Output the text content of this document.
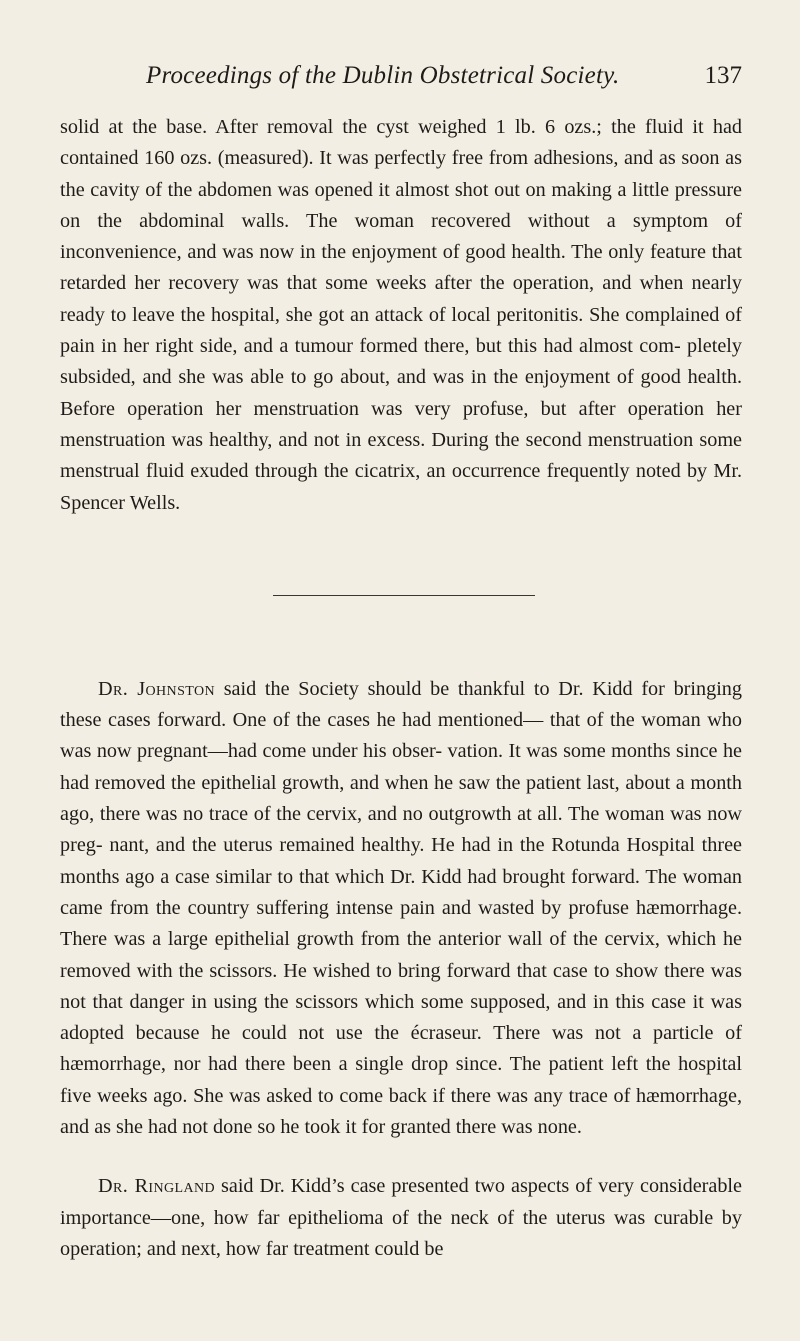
Proceedings of the Dublin Obstetrical Society.	137

solid at the base. After removal the cyst weighed 1 lb. 6 ozs.; the fluid it had contained 160 ozs. (measured). It was perfectly free from adhesions, and as soon as the cavity of the abdomen was opened it almost shot out on making a little pressure on the abdominal walls. The woman recovered without a symptom of inconvenience, and was now in the enjoyment of good health. The only feature that retarded her recovery was that some weeks after the operation, and when nearly ready to leave the hospital, she got an attack of local peritonitis. She complained of pain in her right side, and a tumour formed there, but this had almost com- pletely subsided, and she was able to go about, and was in the enjoyment of good health. Before operation her menstruation was very profuse, but after operation her menstruation was healthy, and not in excess. During the second menstruation some menstrual fluid exuded through the cicatrix, an occurrence frequently noted by Mr. Spencer Wells.

Dr. Johnston said the Society should be thankful to Dr. Kidd for bringing these cases forward. One of the cases he had mentioned— that of the woman who was now pregnant—had come under his obser- vation. It was some months since he had removed the epithelial growth, and when he saw the patient last, about a month ago, there was no trace of the cervix, and no outgrowth at all. The woman was now preg- nant, and the uterus remained healthy. He had in the Rotunda Hospital three months ago a case similar to that which Dr. Kidd had brought forward. The woman came from the country suffering intense pain and wasted by profuse hæmorrhage. There was a large epithelial growth from the anterior wall of the cervix, which he removed with the scissors. He wished to bring forward that case to show there was not that danger in using the scissors which some supposed, and in this case it was adopted because he could not use the écraseur. There was not a particle of hæmorrhage, nor had there been a single drop since. The patient left the hospital five weeks ago. She was asked to come back if there was any trace of hæmorrhage, and as she had not done so he took it for granted there was none.

Dr. Ringland said Dr. Kidd’s case presented two aspects of very considerable importance—one, how far epithelioma of the neck of the uterus was curable by operation; and next, how far treatment could be
